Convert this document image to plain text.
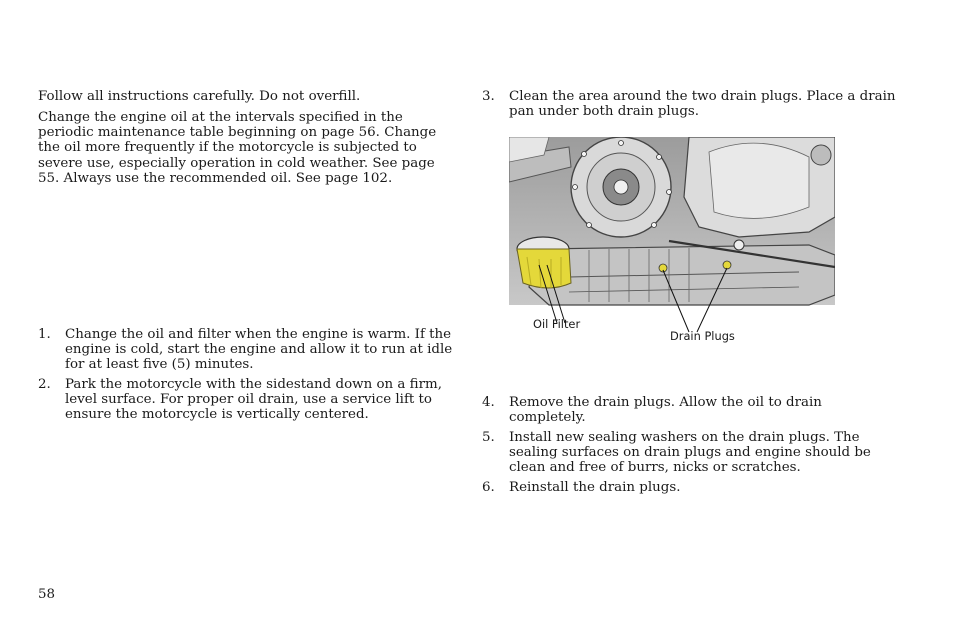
Follow all instructions carefully. Do not overfill.

Change the engine oil at the intervals specified in the periodic maintenance table beginning on page 56. Change the oil more frequently if the motorcycle is subjected to severe use, especially operation in cold weather. See page 55. Always use the recommended oil. See page 102.

1.	Change the oil and filter when the engine is warm. If the engine is cold, start the engine and allow it to run at idle for at least five (5) minutes.
2.	Park the motorcycle with the sidestand down on a firm, level surface. For proper oil drain, use a service lift to ensure the motorcycle is vertically centered.
3.	Clean the area around the two drain plugs. Place a drain pan under both drain plugs.
Oil Filter
Drain Plugs
4.	Remove the drain plugs. Allow the oil to drain completely.
5.	Install new sealing washers on the drain plugs. The sealing surfaces on drain plugs and engine should be clean and free of burrs, nicks or scratches.
6.	Reinstall the drain plugs.
58
